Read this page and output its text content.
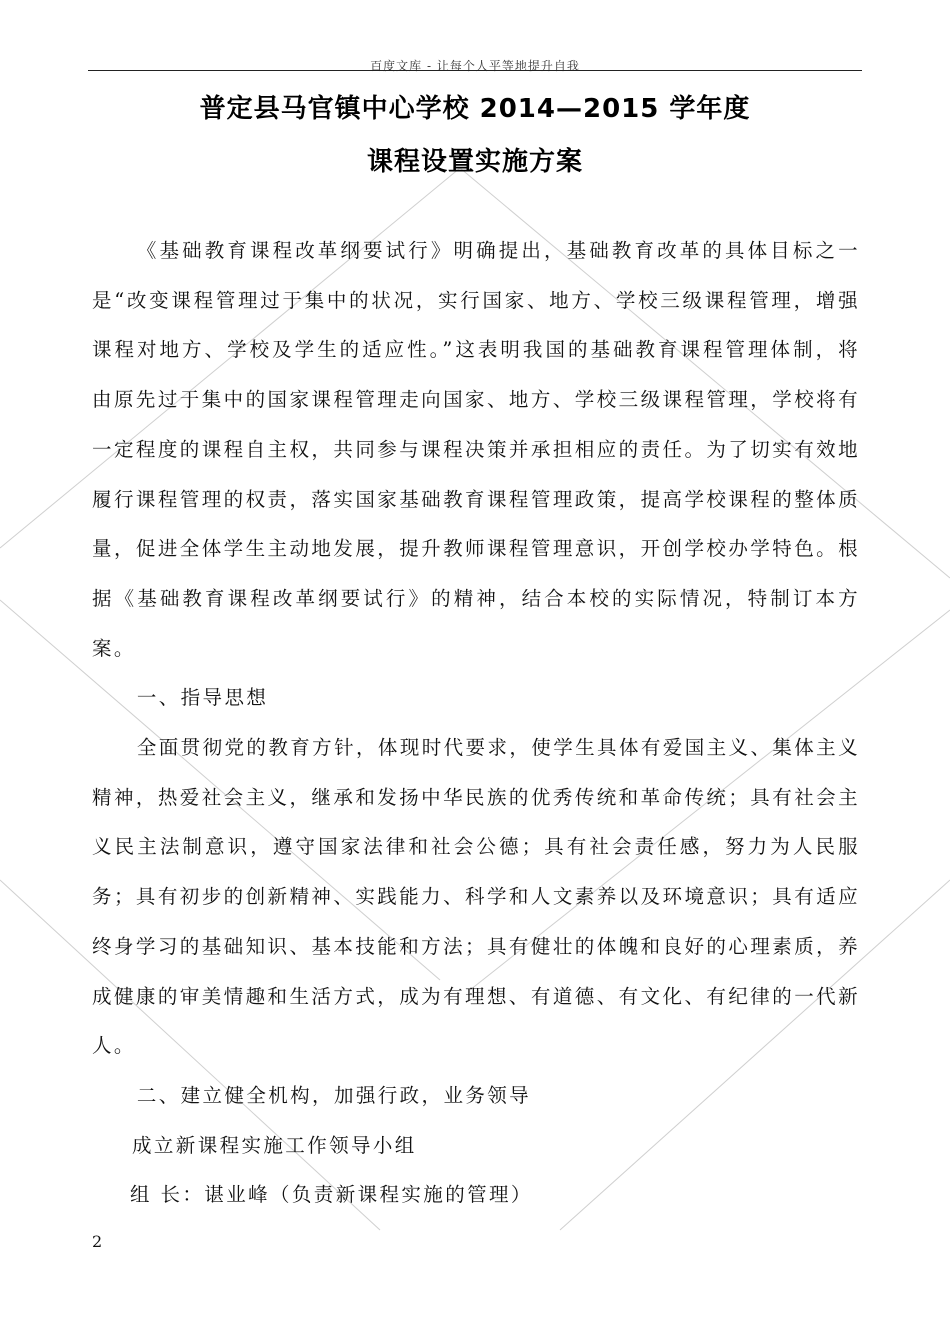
百度文库 - 让每个人平等地提升自我
普定县马官镇中心学校 2014—2015 学年度
课程设置实施方案

《基础教育课程改革纲要试行》明确提出，基础教育改革的具体目标之一是“改变课程管理过于集中的状况，实行国家、地方、学校三级课程管理，增强课程对地方、学校及学生的适应性。”这表明我国的基础教育课程管理体制，将由原先过于集中的国家课程管理走向国家、地方、学校三级课程管理，学校将有一定程度的课程自主权，共同参与课程决策并承担相应的责任。为了切实有效地履行课程管理的权责，落实国家基础教育课程管理政策，提高学校课程的整体质量，促进全体学生主动地发展，提升教师课程管理意识，开创学校办学特色。根据《基础教育课程改革纲要试行》的精神，结合本校的实际情况，特制订本方案。

一、指导思想

全面贯彻党的教育方针，体现时代要求，使学生具体有爱国主义、集体主义精神，热爱社会主义，继承和发扬中华民族的优秀传统和革命传统；具有社会主义民主法制意识，遵守国家法律和社会公德；具有社会责任感，努力为人民服务；具有初步的创新精神、实践能力、科学和人文素养以及环境意识；具有适应终身学习的基础知识、基本技能和方法；具有健壮的体魄和良好的心理素质，养成健康的审美情趣和生活方式，成为有理想、有道德、有文化、有纪律的一代新人。

二、建立健全机构，加强行政，业务领导

成立新课程实施工作领导小组

组 长：谌业峰（负责新课程实施的管理）

2
